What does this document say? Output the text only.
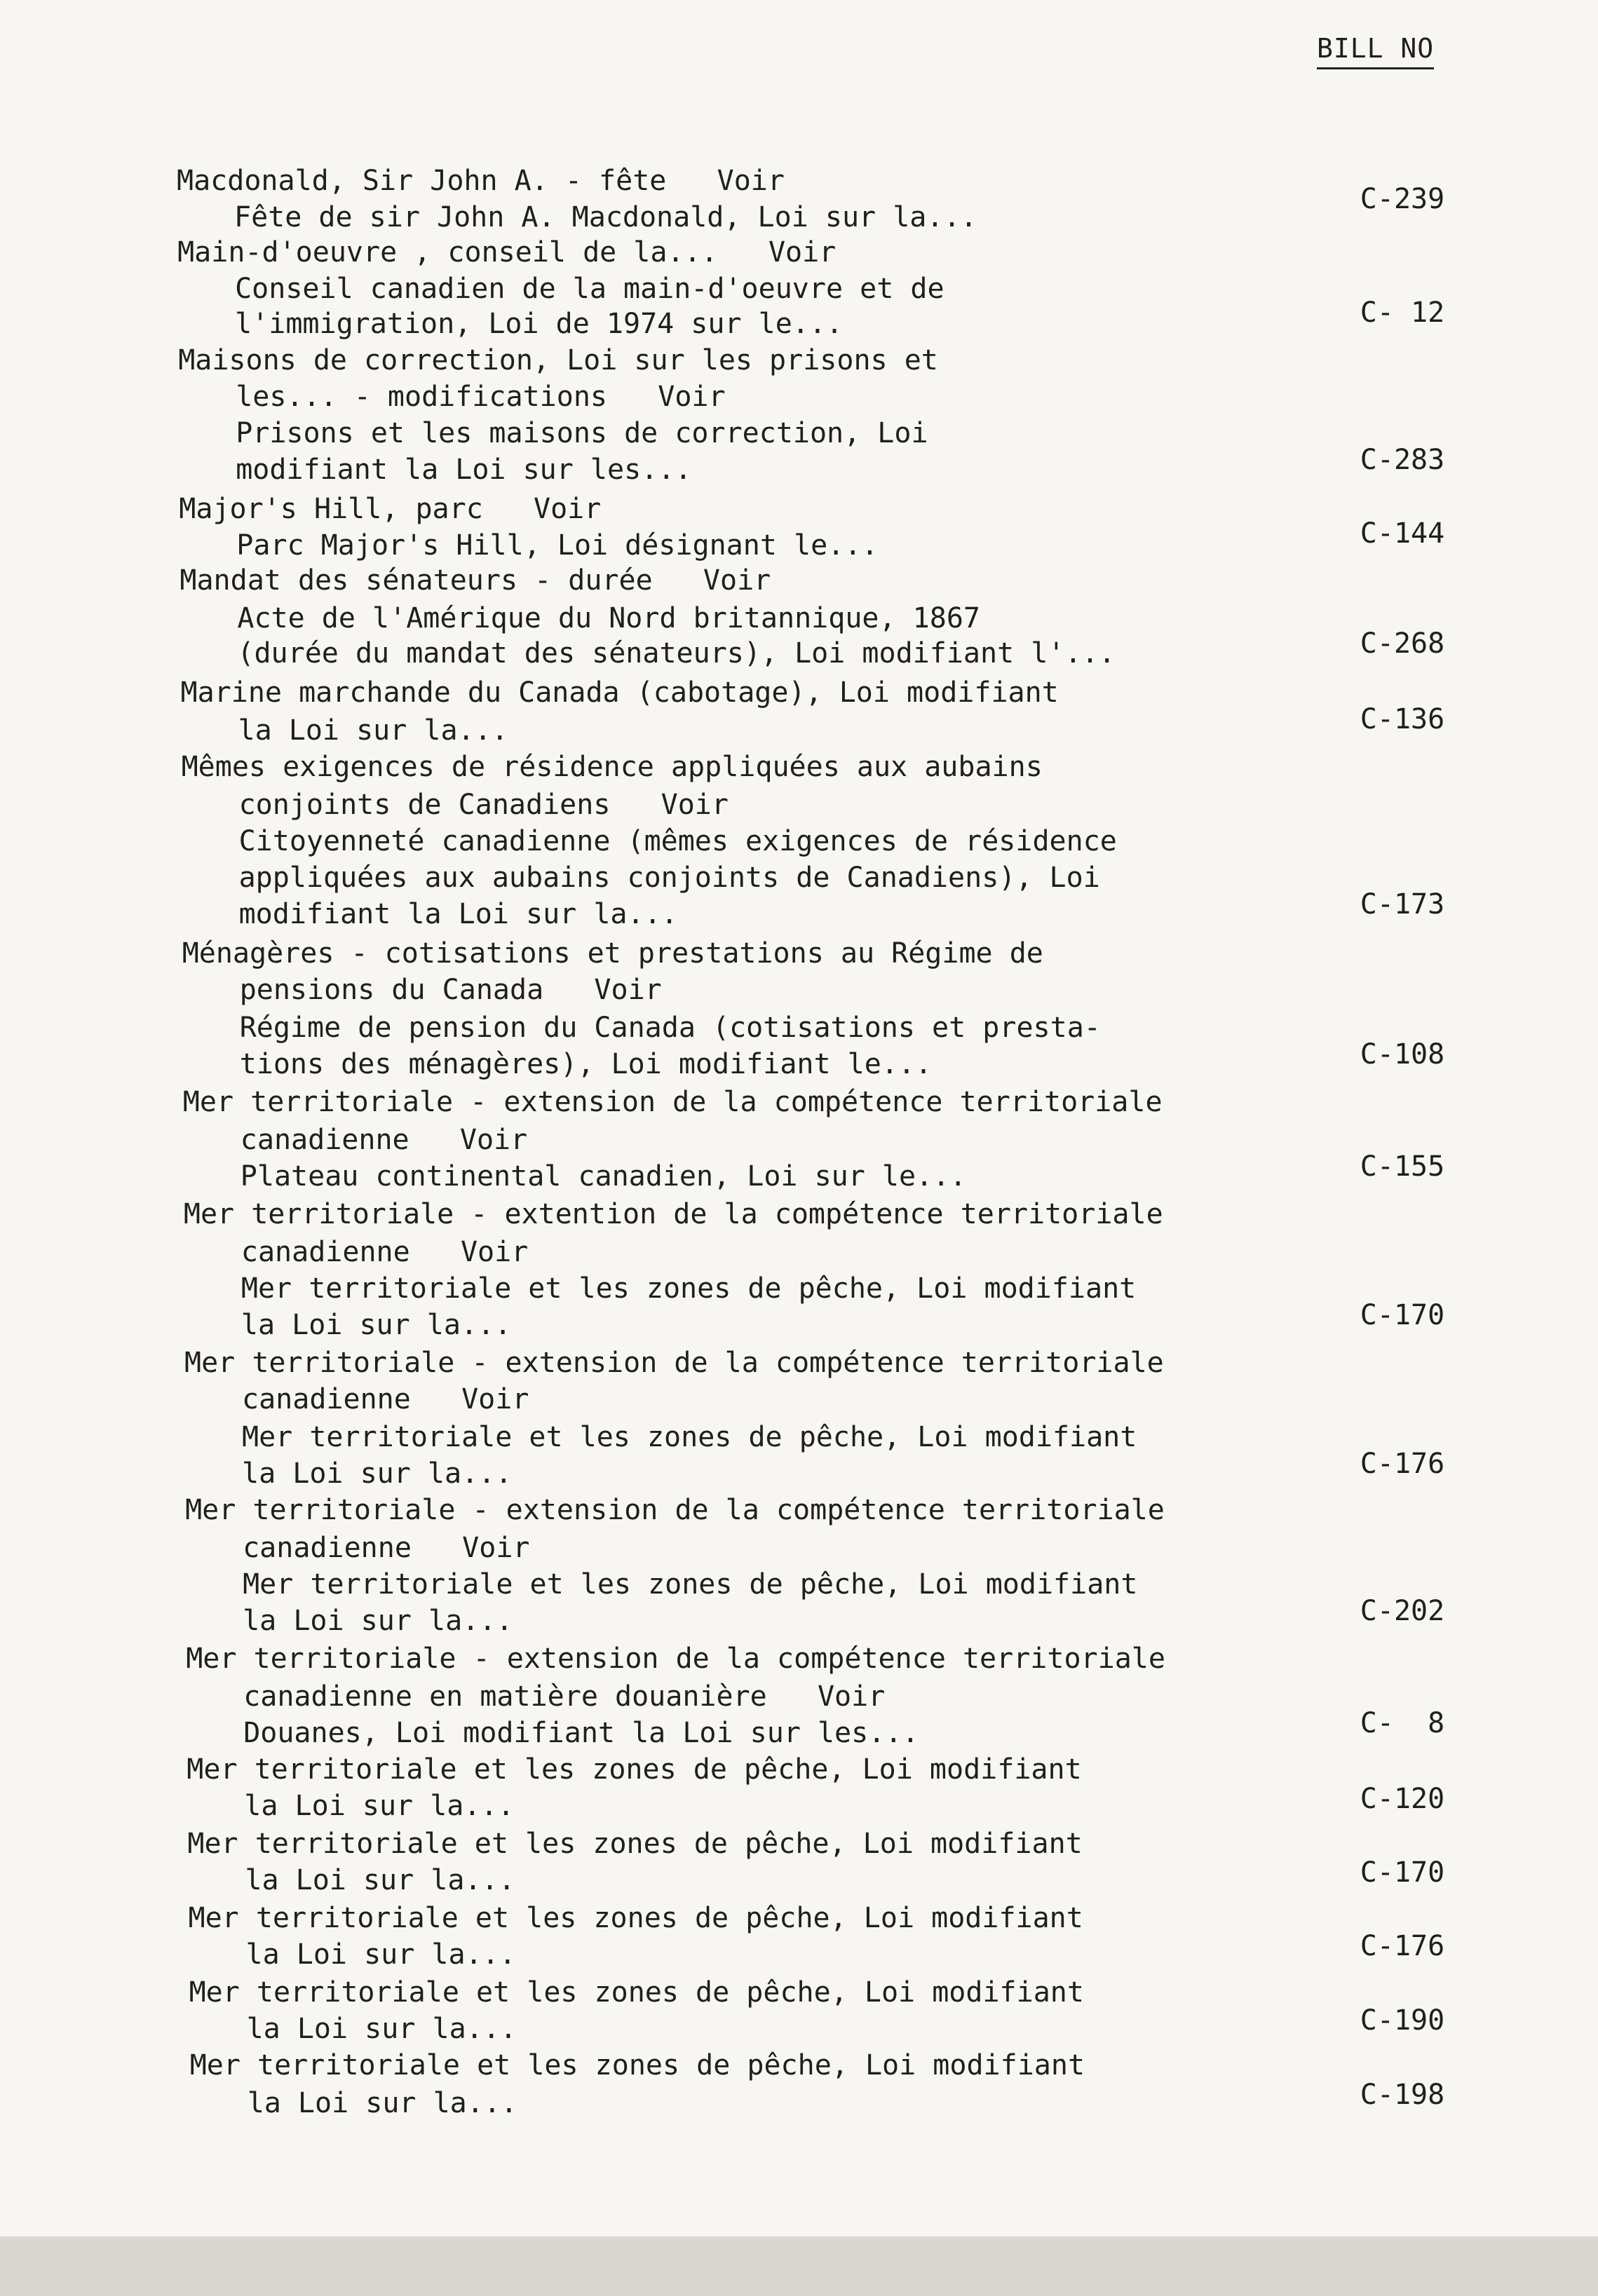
BILL NO
Macdonald, Sir John A. - fête   Voir
Fête de sir John A. Macdonald, Loi sur la...
C-239
Main-d'oeuvre , conseil de la...   Voir
Conseil canadien de la main-d'oeuvre et de
l'immigration, Loi de 1974 sur le...	C- 12
Maisons de correction, Loi sur les prisons et
les... - modifications   Voir
Prisons et les maisons de correction, Loi
modifiant la Loi sur les...	C-283
Major's Hill, parc   Voir
Parc Major's Hill, Loi désignant le...	C-144
Mandat des sénateurs - durée   Voir
Acte de l'Amérique du Nord britannique, 1867
(durée du mandat des sénateurs), Loi modifiant l'...	C-268
Marine marchande du Canada (cabotage), Loi modifiant
la Loi sur la...	C-136
Mêmes exigences de résidence appliquées aux aubains
conjoints de Canadiens   Voir
Citoyenneté canadienne (mêmes exigences de résidence
appliquées aux aubains conjoints de Canadiens), Loi
modifiant la Loi sur la...	C-173
Ménagères - cotisations et prestations au Régime de
pensions du Canada   Voir
Régime de pension du Canada (cotisations et presta-
tions des ménagères), Loi modifiant le...	C-108
Mer territoriale - extension de la compétence territoriale
canadienne   Voir
Plateau continental canadien, Loi sur le...	C-155
Mer territoriale - extention de la compétence territoriale
canadienne   Voir
Mer territoriale et les zones de pêche, Loi modifiant
la Loi sur la...	C-170
Mer territoriale - extension de la compétence territoriale
canadienne   Voir
Mer territoriale et les zones de pêche, Loi modifiant
la Loi sur la...	C-176
Mer territoriale - extension de la compétence territoriale
canadienne   Voir
Mer territoriale et les zones de pêche, Loi modifiant
la Loi sur la...	C-202
Mer territoriale - extension de la compétence territoriale
canadienne en matière douanière   Voir
Douanes, Loi modifiant la Loi sur les...	C-  8
Mer territoriale et les zones de pêche, Loi modifiant
la Loi sur la...	C-120
Mer territoriale et les zones de pêche, Loi modifiant
la Loi sur la...	C-170
Mer territoriale et les zones de pêche, Loi modifiant
la Loi sur la...	C-176
Mer territoriale et les zones de pêche, Loi modifiant
la Loi sur la...	C-190
Mer territoriale et les zones de pêche, Loi modifiant
la Loi sur la...	C-198
